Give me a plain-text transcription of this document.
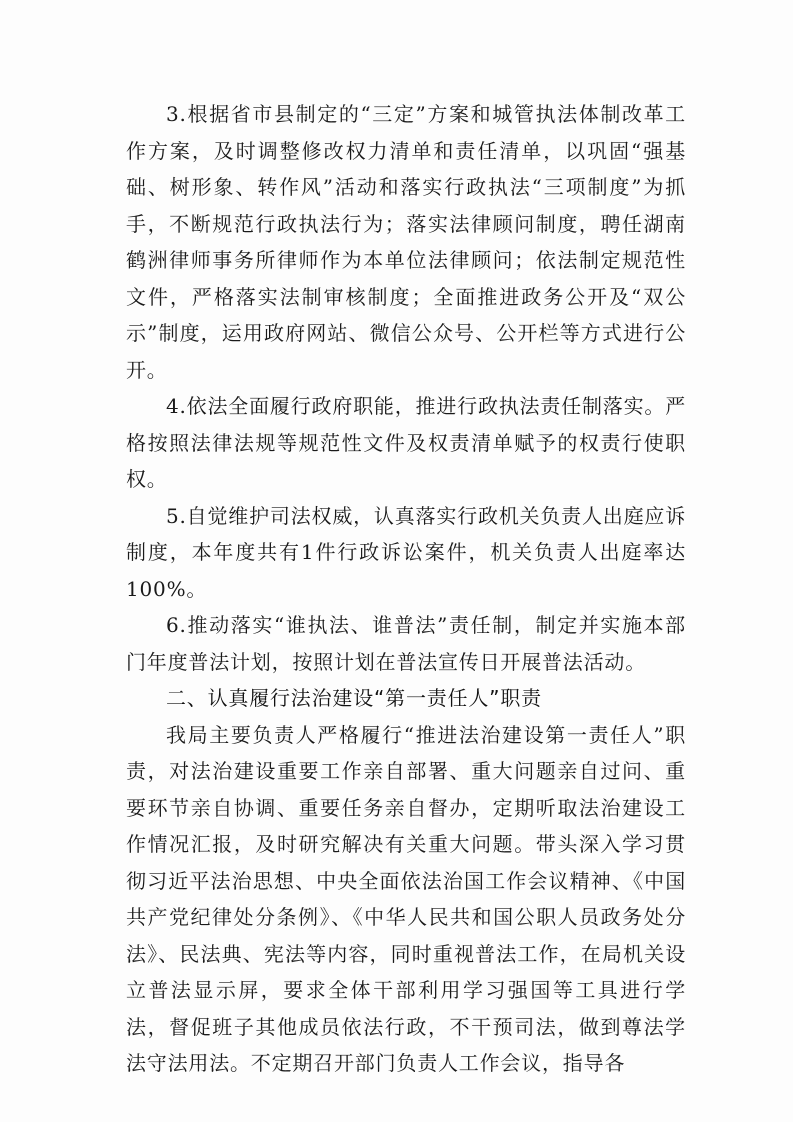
3.根据省市县制定的“三定”方案和城管执法体制改革工作方案，及时调整修改权力清单和责任清单，以巩固“强基础、树形象、转作风”活动和落实行政执法“三项制度”为抓手，不断规范行政执法行为；落实法律顾问制度，聘任湖南鹤洲律师事务所律师作为本单位法律顾问；依法制定规范性文件，严格落实法制审核制度；全面推进政务公开及“双公示”制度，运用政府网站、微信公众号、公开栏等方式进行公开。

4.依法全面履行政府职能，推进行政执法责任制落实。严格按照法律法规等规范性文件及权责清单赋予的权责行使职权。

5.自觉维护司法权威，认真落实行政机关负责人出庭应诉制度，本年度共有1件行政诉讼案件，机关负责人出庭率达100%。

6.推动落实“谁执法、谁普法”责任制，制定并实施本部门年度普法计划，按照计划在普法宣传日开展普法活动。

二、认真履行法治建设“第一责任人”职责

我局主要负责人严格履行“推进法治建设第一责任人”职责，对法治建设重要工作亲自部署、重大问题亲自过问、重要环节亲自协调、重要任务亲自督办，定期听取法治建设工作情况汇报，及时研究解决有关重大问题。带头深入学习贯彻习近平法治思想、中央全面依法治国工作会议精神、《中国共产党纪律处分条例》、《中华人民共和国公职人员政务处分法》、民法典、宪法等内容，同时重视普法工作，在局机关设立普法显示屏，要求全体干部利用学习强国等工具进行学法，督促班子其他成员依法行政，不干预司法，做到尊法学法守法用法。不定期召开部门负责人工作会议，指导各
